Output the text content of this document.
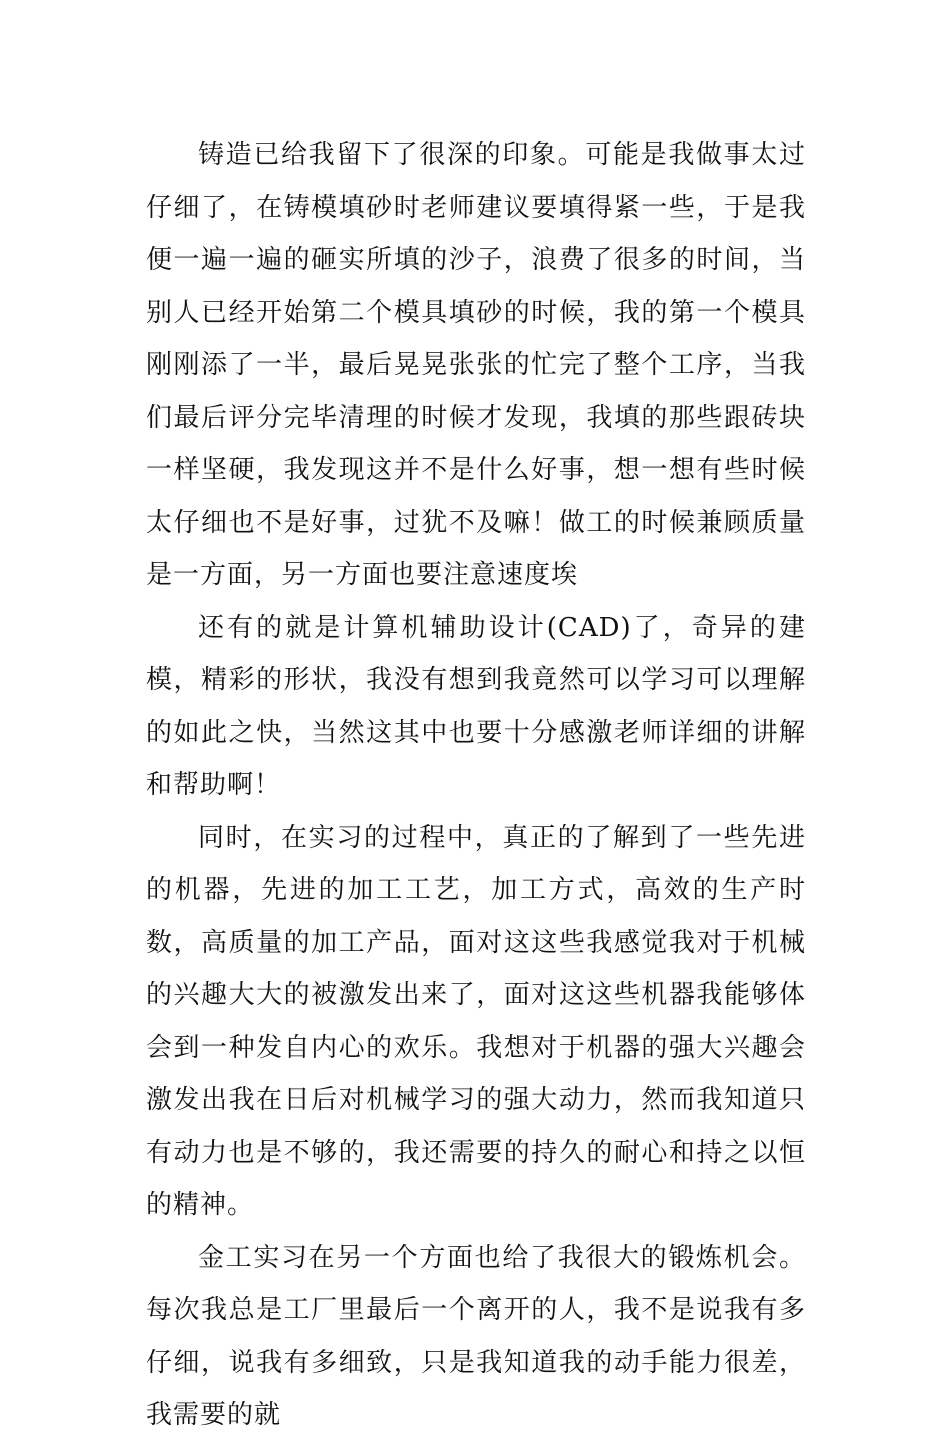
铸造已给我留下了很深的印象。可能是我做事太过仔细了，在铸模填砂时老师建议要填得紧一些，于是我便一遍一遍的砸实所填的沙子，浪费了很多的时间，当别人已经开始第二个模具填砂的时候，我的第一个模具刚刚添了一半，最后晃晃张张的忙完了整个工序，当我们最后评分完毕清理的时候才发现，我填的那些跟砖块一样坚硬，我发现这并不是什么好事，想一想有些时候太仔细也不是好事，过犹不及嘛！做工的时候兼顾质量是一方面，另一方面也要注意速度埃

还有的就是计算机辅助设计(CAD)了，奇异的建模，精彩的形状，我没有想到我竟然可以学习可以理解的如此之快，当然这其中也要十分感激老师详细的讲解和帮助啊！

同时，在实习的过程中，真正的了解到了一些先进的机器，先进的加工工艺，加工方式，高效的生产时数，高质量的加工产品，面对这这些我感觉我对于机械的兴趣大大的被激发出来了，面对这这些机器我能够体会到一种发自内心的欢乐。我想对于机器的强大兴趣会激发出我在日后对机械学习的强大动力，然而我知道只有动力也是不够的，我还需要的持久的耐心和持之以恒的精神。

金工实习在另一个方面也给了我很大的锻炼机会。每次我总是工厂里最后一个离开的人，我不是说我有多仔细，说我有多细致，只是我知道我的动手能力很差，我需要的就
